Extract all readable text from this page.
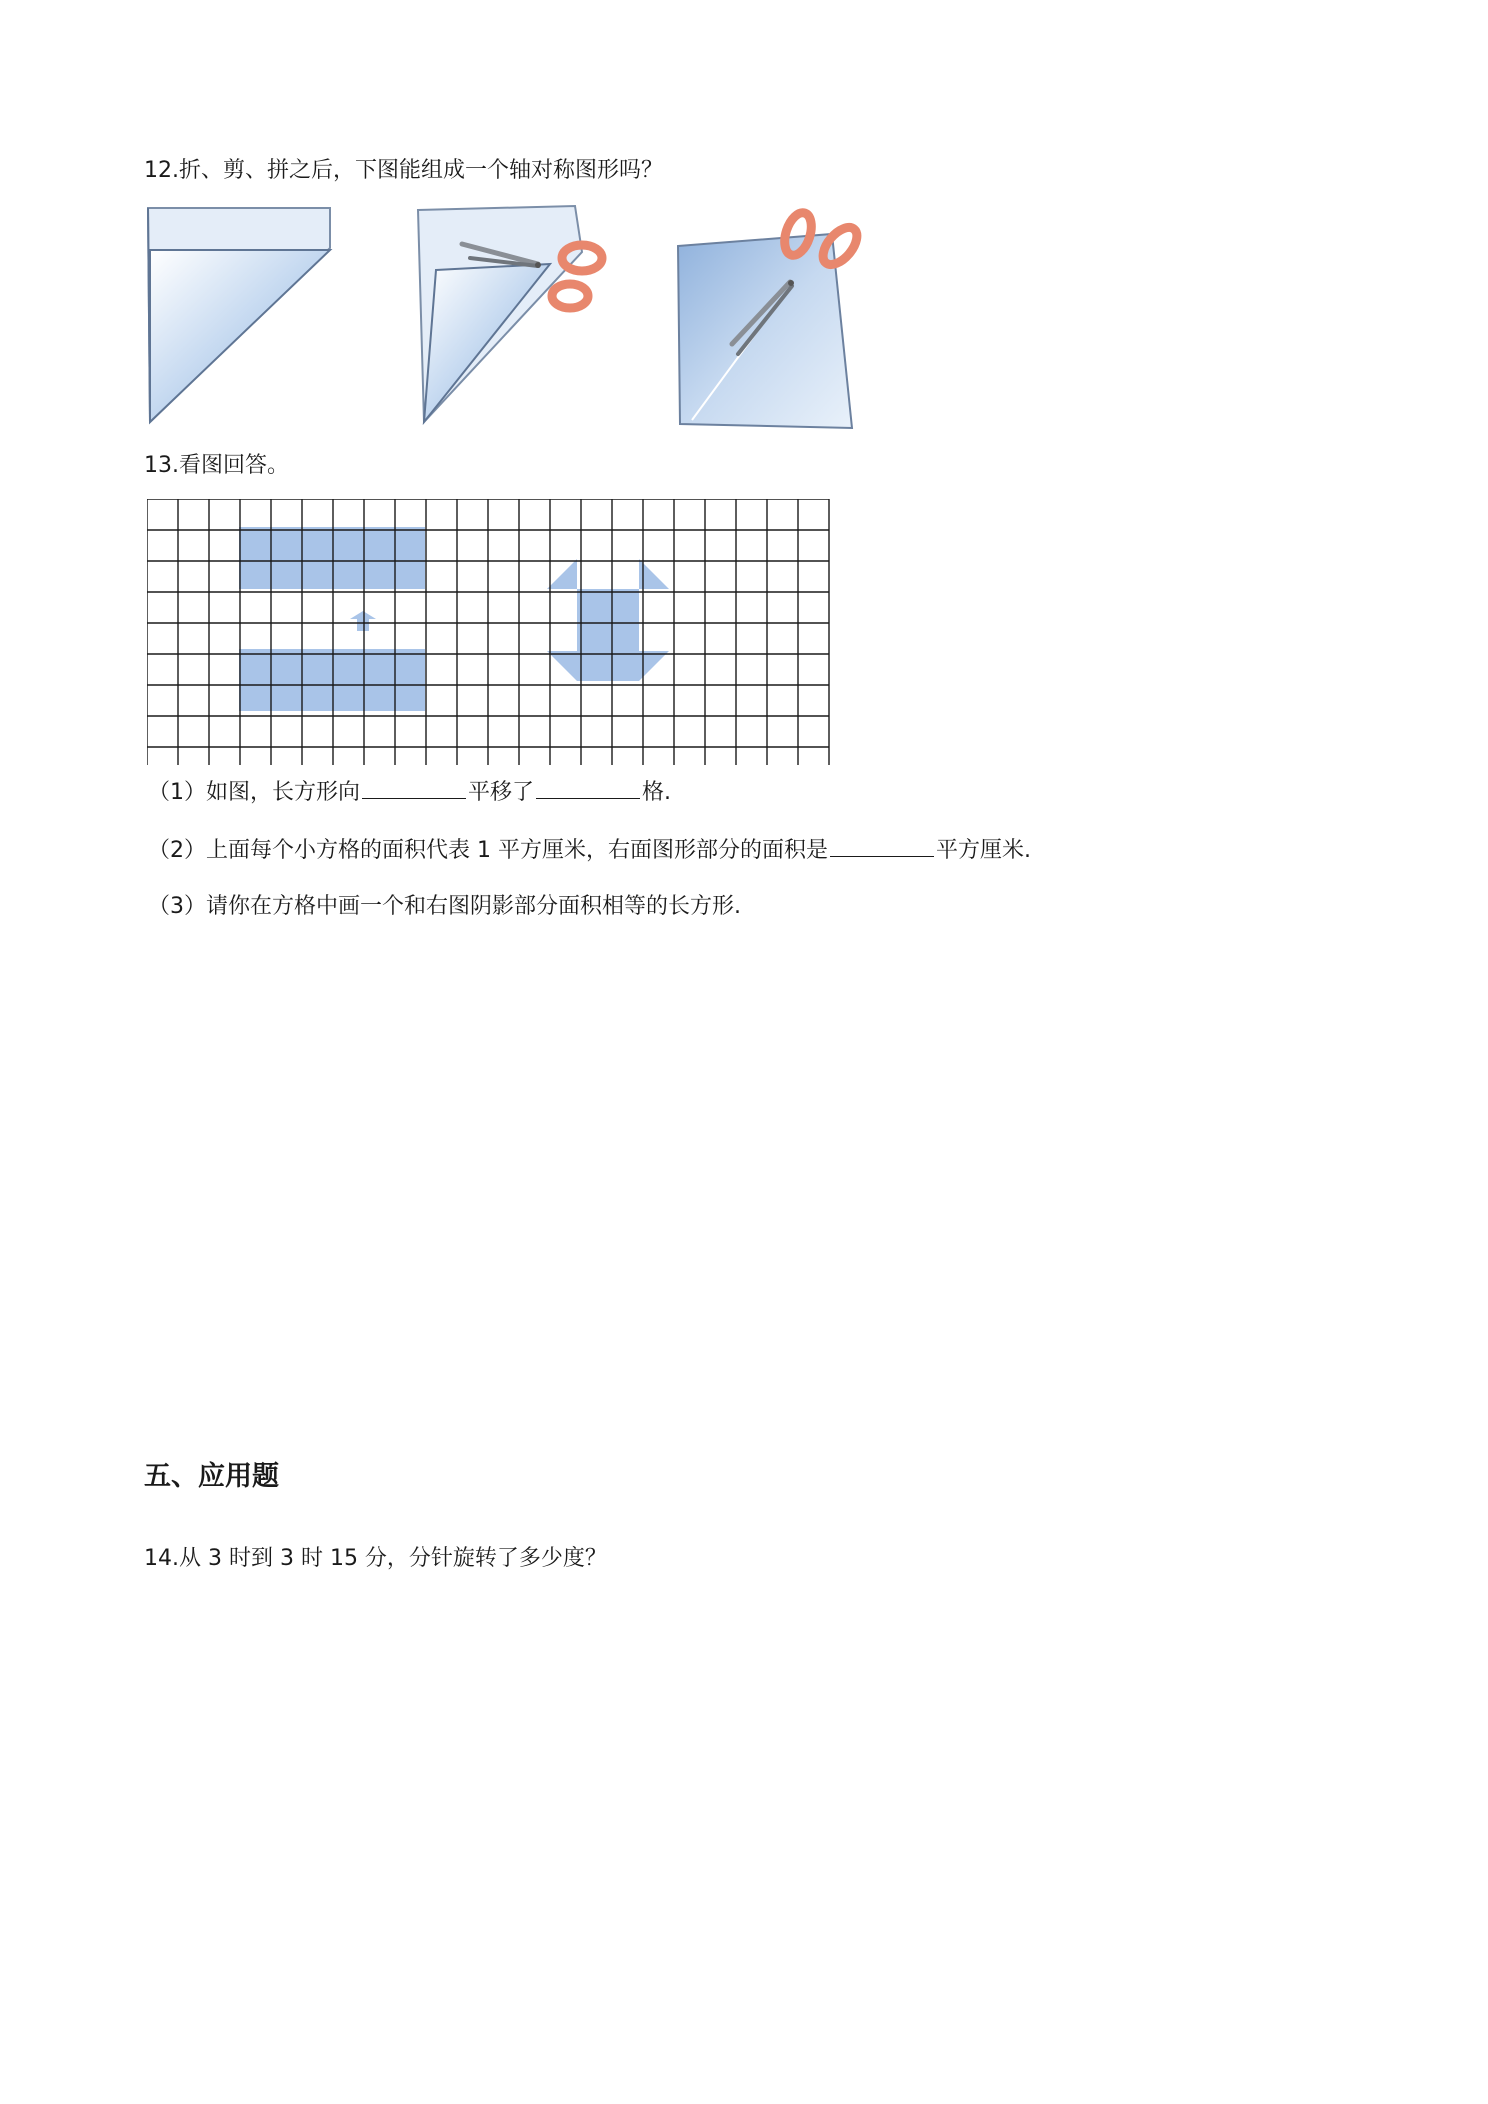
12.折、剪、拼之后，下图能组成一个轴对称图形吗？
13.看图回答。
（1）如图，长方形向	平移了	格.
（2）上面每个小方格的面积代表 1 平方厘米，右面图形部分的面积是	平方厘米.
（3）请你在方格中画一个和右图阴影部分面积相等的长方形.
五、应用题
14.从 3 时到 3 时 15 分，分针旋转了多少度？
